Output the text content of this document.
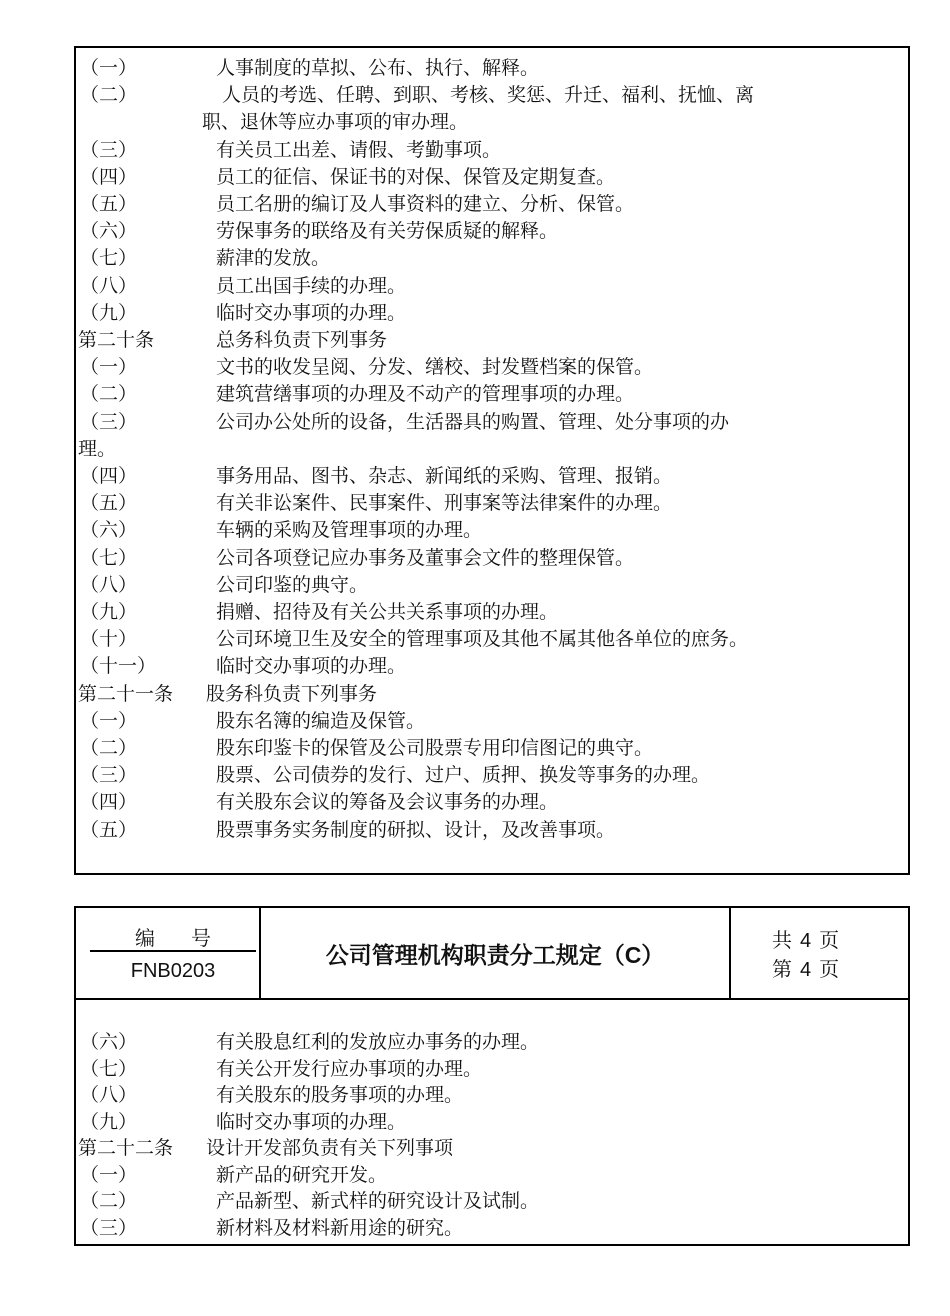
（一）	人事制度的草拟、公布、执行、解释。
（二）	人员的考选、任聘、到职、考核、奖惩、升迁、福利、抚恤、离
职、退休等应办事项的审办理。
（三）	有关员工出差、请假、考勤事项。
（四）	员工的征信、保证书的对保、保管及定期复查。
（五）	员工名册的编订及人事资料的建立、分析、保管。
（六）	劳保事务的联络及有关劳保质疑的解释。
（七）	薪津的发放。
（八）	员工出国手续的办理。
（九）	临时交办事项的办理。
第二十条	总务科负责下列事务
（一）	文书的收发呈阅、分发、缮校、封发暨档案的保管。
（二）	建筑营缮事项的办理及不动产的管理事项的办理。
（三）	公司办公处所的设备，生活器具的购置、管理、处分事项的办
理。
（四）	事务用品、图书、杂志、新闻纸的采购、管理、报销。
（五）	有关非讼案件、民事案件、刑事案等法律案件的办理。
（六）	车辆的采购及管理事项的办理。
（七）	公司各项登记应办事务及董事会文件的整理保管。
（八）	公司印鉴的典守。
（九）	捐赠、招待及有关公共关系事项的办理。
（十）	公司环境卫生及安全的管理事项及其他不属其他各单位的庶务。
（十一）	临时交办事项的办理。
第二十一条 股务科负责下列事务
（一）	股东名簿的编造及保管。
（二）	股东印鉴卡的保管及公司股票专用印信图记的典守。
（三）	股票、公司债券的发行、过户、质押、换发等事务的办理。
（四）	有关股东会议的筹备及会议事务的办理。
（五）	股票事务实务制度的研拟、设计，及改善事项。
编号
FNB0203
公司管理机构职责分工规定（C）
共 4 页
第 4 页
（六）	有关股息红利的发放应办事务的办理。
（七）	有关公开发行应办事项的办理。
（八）	有关股东的股务事项的办理。
（九）	临时交办事项的办理。
第二十二条 设计开发部负责有关下列事项
（一）	新产品的研究开发。
（二）	产品新型、新式样的研究设计及试制。
（三）	新材料及材料新用途的研究。
